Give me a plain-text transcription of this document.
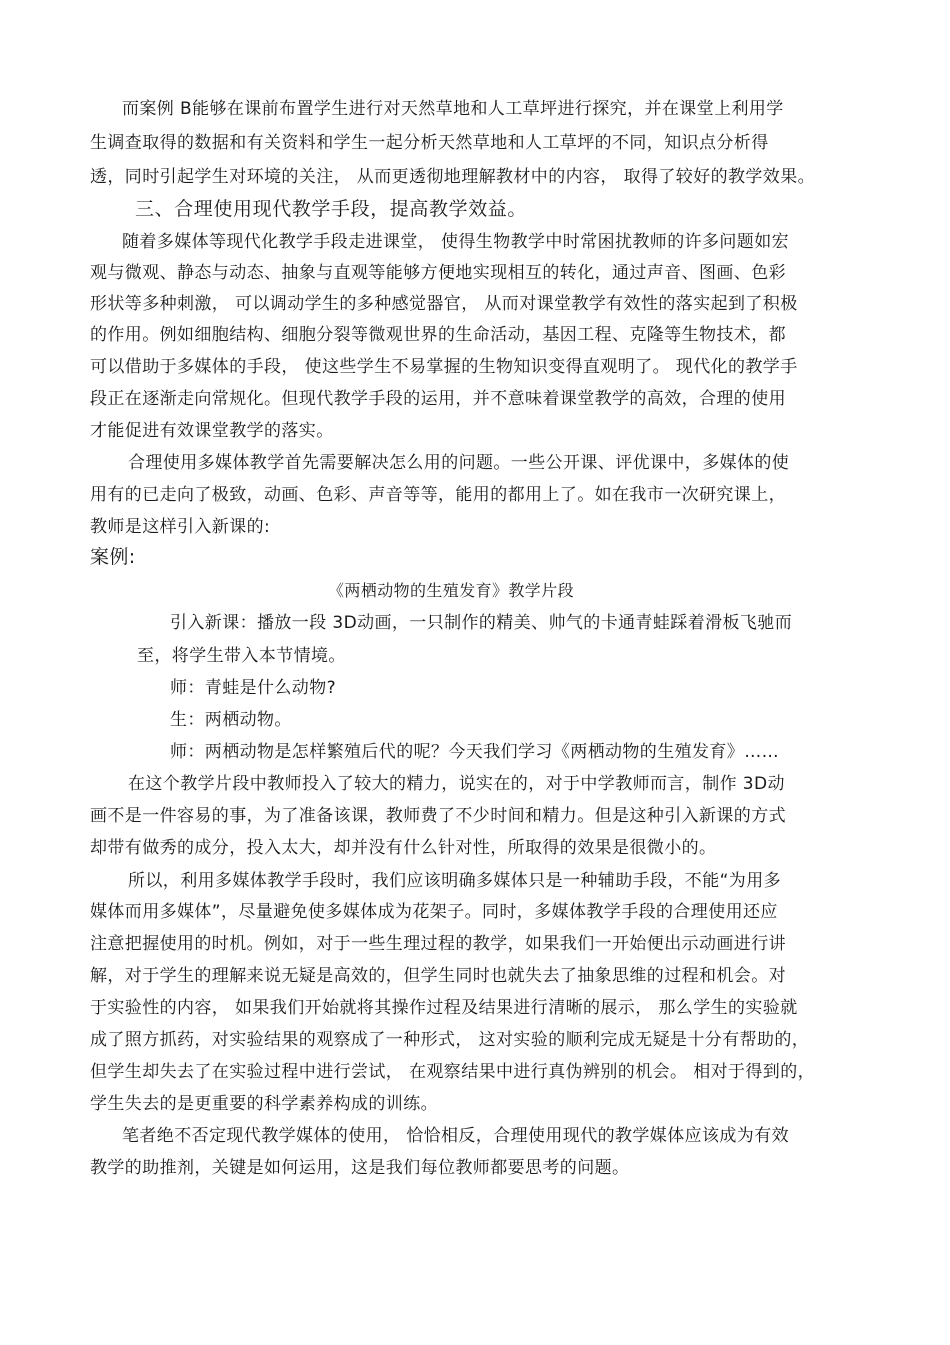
而案例 B能够在课前布置学生进行对天然草地和人工草坪进行探究，并在课堂上利用学
生调查取得的数据和有关资料和学生一起分析天然草地和人工草坪的不同，知识点分析得
透，同时引起学生对环境的关注， 从而更透彻地理解教材中的内容， 取得了较好的教学效果。
三、合理使用现代教学手段，提高教学效益。
随着多媒体等现代化教学手段走进课堂， 使得生物教学中时常困扰教师的许多问题如宏
观与微观、静态与动态、抽象与直观等能够方便地实现相互的转化，通过声音、图画、色彩
形状等多种刺激， 可以调动学生的多种感觉器官， 从而对课堂教学有效性的落实起到了积极
的作用。例如细胞结构、细胞分裂等微观世界的生命活动，基因工程、克隆等生物技术，都
可以借助于多媒体的手段， 使这些学生不易掌握的生物知识变得直观明了。 现代化的教学手
段正在逐渐走向常规化。但现代教学手段的运用，并不意味着课堂教学的高效，合理的使用
才能促进有效课堂教学的落实。
合理使用多媒体教学首先需要解决怎么用的问题。一些公开课、评优课中，多媒体的使
用有的已走向了极致，动画、色彩、声音等等，能用的都用上了。如在我市一次研究课上，
教师是这样引入新课的:
案例:
《两栖动物的生殖发育》教学片段
引入新课：播放一段 3D动画，一只制作的精美、帅气的卡通青蛙踩着滑板飞驰而
至，将学生带入本节情境。
师：青蛙是什么动物?
生：两栖动物。
师：两栖动物是怎样繁殖后代的呢？今天我们学习《两栖动物的生殖发育》……
在这个教学片段中教师投入了较大的精力，说实在的，对于中学教师而言，制作 3D动
画不是一件容易的事，为了准备该课，教师费了不少时间和精力。但是这种引入新课的方式
却带有做秀的成分，投入太大，却并没有什么针对性，所取得的效果是很微小的。
所以，利用多媒体教学手段时，我们应该明确多媒体只是一种辅助手段，不能“为用多
媒体而用多媒体”，尽量避免使多媒体成为花架子。同时，多媒体教学手段的合理使用还应
注意把握使用的时机。例如，对于一些生理过程的教学，如果我们一开始便出示动画进行讲
解，对于学生的理解来说无疑是高效的，但学生同时也就失去了抽象思维的过程和机会。对
于实验性的内容， 如果我们开始就将其操作过程及结果进行清晰的展示， 那么学生的实验就
成了照方抓药，对实验结果的观察成了一种形式， 这对实验的顺利完成无疑是十分有帮助的，
但学生却失去了在实验过程中进行尝试， 在观察结果中进行真伪辨别的机会。 相对于得到的，
学生失去的是更重要的科学素养构成的训练。
笔者绝不否定现代教学媒体的使用， 恰恰相反，合理使用现代的教学媒体应该成为有效
教学的助推剂，关键是如何运用，这是我们每位教师都要思考的问题。
